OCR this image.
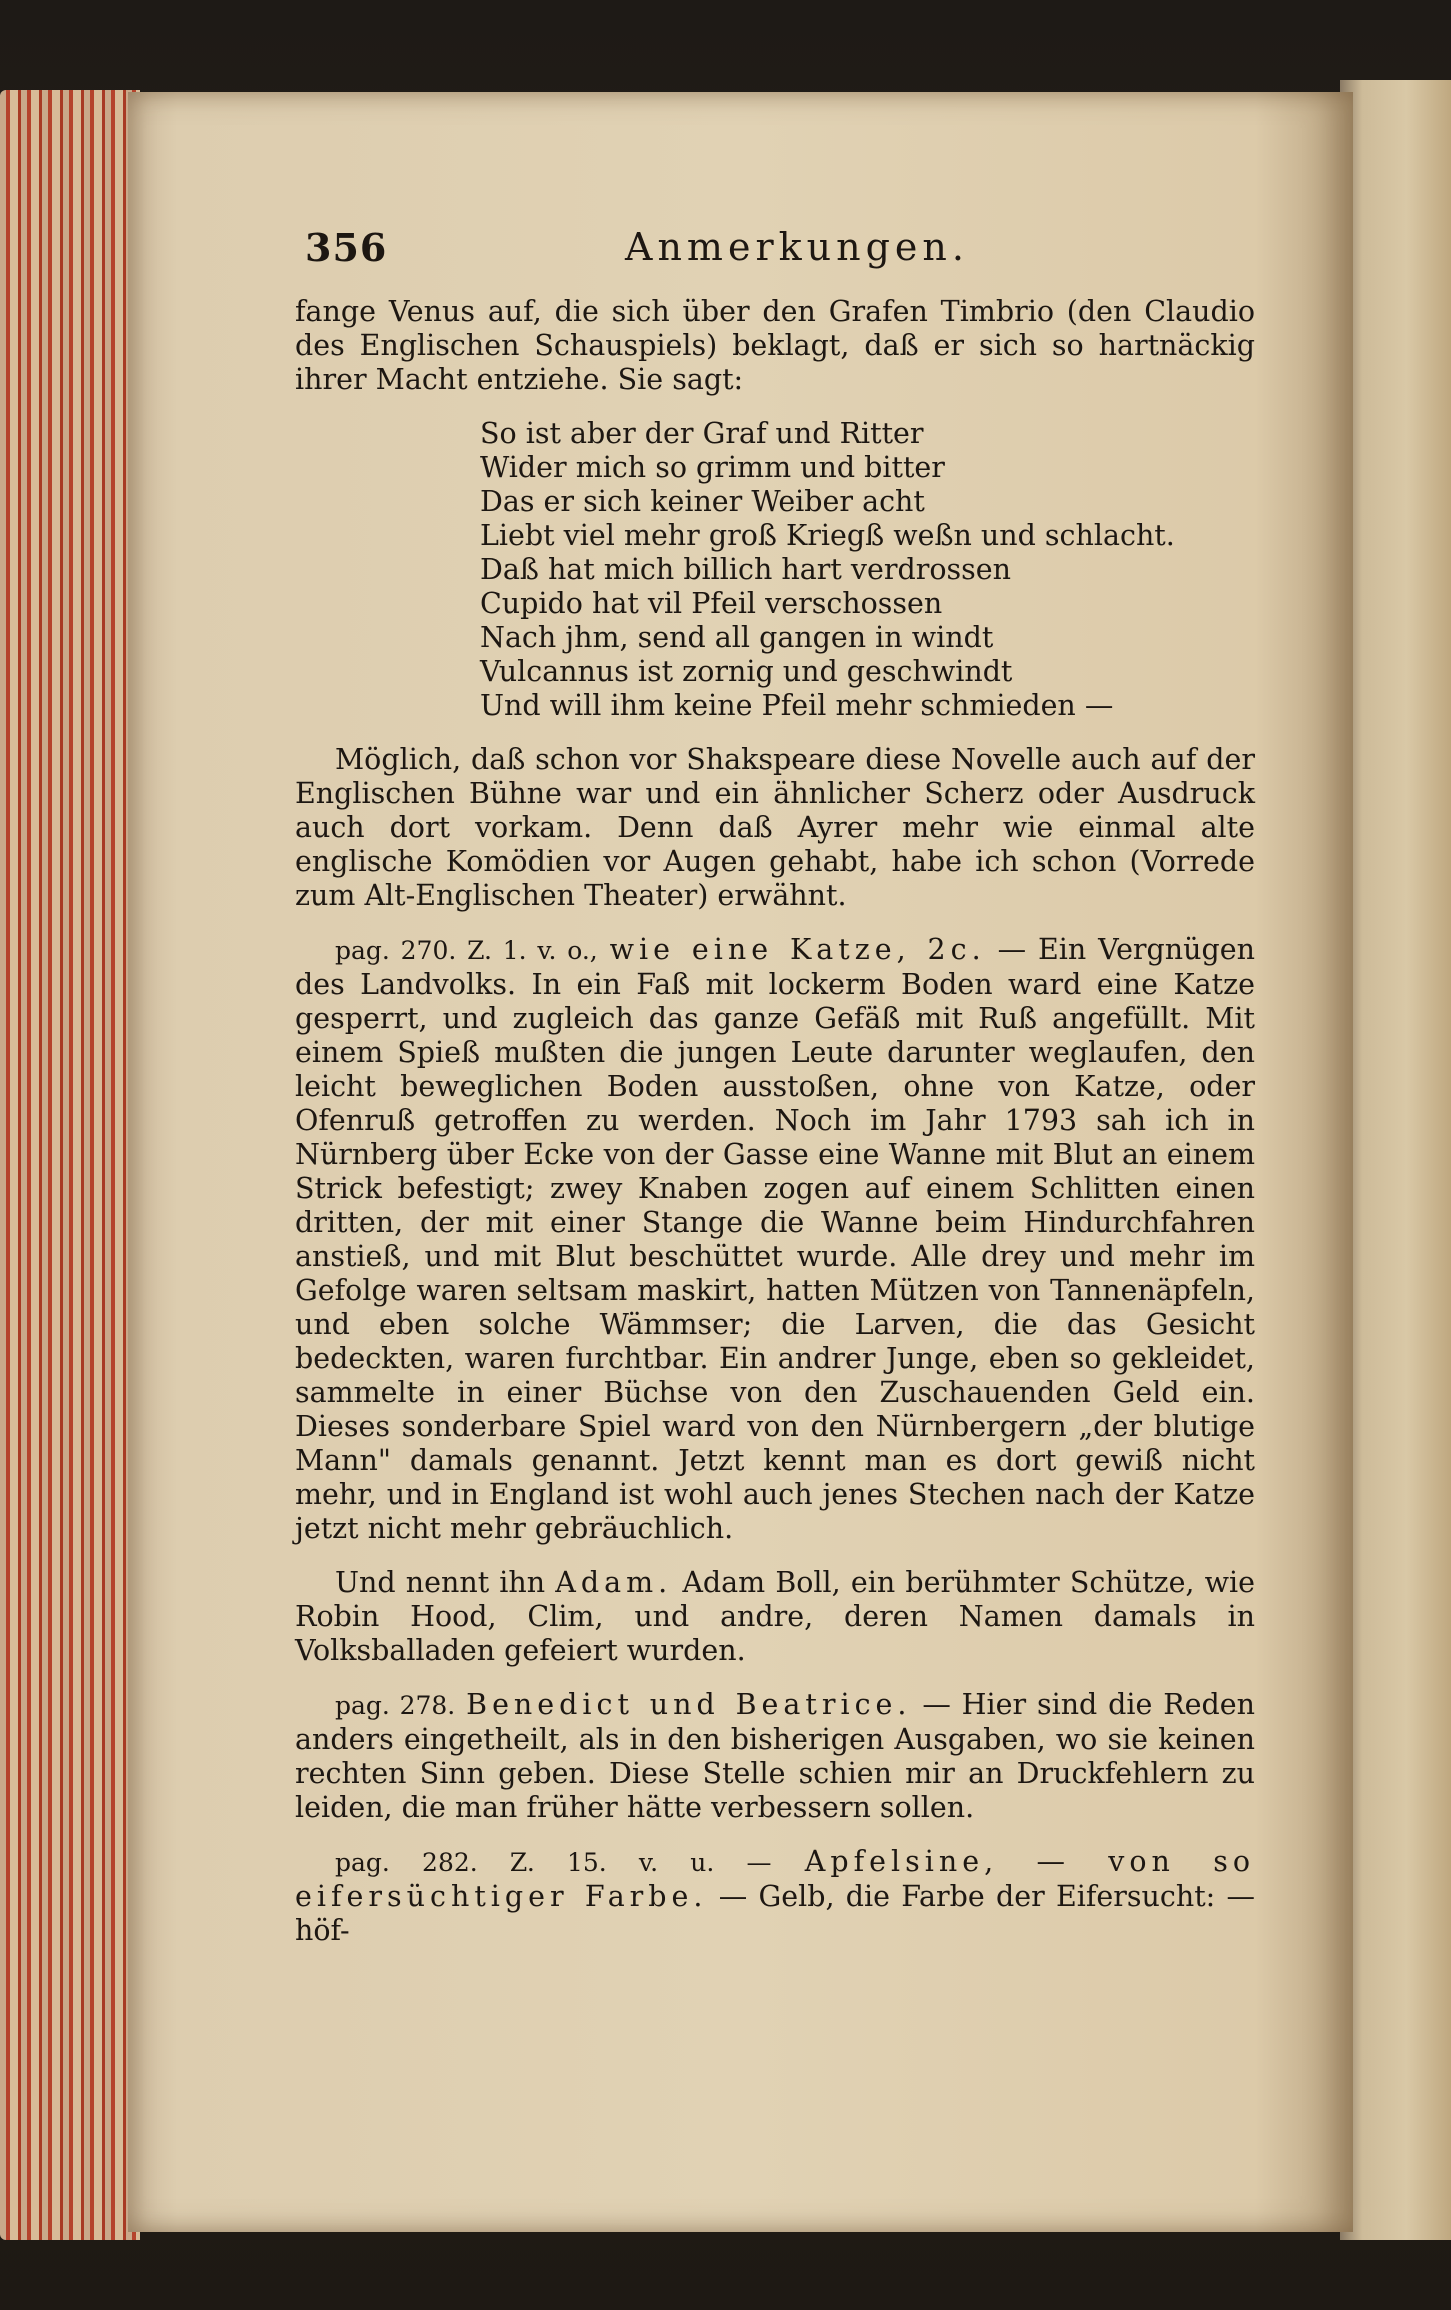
356	Anmerkungen.

fange Venus auf, die sich über den Grafen Timbrio (den Claudio des Englischen Schauspiels) beklagt, daß er sich so hartnäckig ihrer Macht entziehe. Sie sagt:

So ist aber der Graf und Ritter
Wider mich so grimm und bitter
Das er sich keiner Weiber acht
Liebt viel mehr groß Kriegß weßn und schlacht.
Daß hat mich billich hart verdrossen
Cupido hat vil Pfeil verschossen
Nach jhm, send all gangen in windt
Vulcannus ist zornig und geschwindt
Und will ihm keine Pfeil mehr schmieden —

Möglich, daß schon vor Shakspeare diese Novelle auch auf der Englischen Bühne war und ein ähnlicher Scherz oder Ausdruck auch dort vorkam. Denn daß Ayrer mehr wie einmal alte englische Komödien vor Augen gehabt, habe ich schon (Vorrede zum Alt-Englischen Theater) erwähnt.

pag. 270. Z. 1. v. o., wie eine Katze, 2c. — Ein Vergnügen des Landvolks. In ein Faß mit lockerm Boden ward eine Katze gesperrt, und zugleich das ganze Gefäß mit Ruß angefüllt. Mit einem Spieß mußten die jungen Leute darunter weglaufen, den leicht beweglichen Boden ausstoßen, ohne von Katze, oder Ofenruß getroffen zu werden. Noch im Jahr 1793 sah ich in Nürnberg über Ecke von der Gasse eine Wanne mit Blut an einem Strick befestigt; zwey Knaben zogen auf einem Schlitten einen dritten, der mit einer Stange die Wanne beim Hindurchfahren anstieß, und mit Blut beschüttet wurde. Alle drey und mehr im Gefolge waren seltsam maskirt, hatten Mützen von Tannenäpfeln, und eben solche Wämmser; die Larven, die das Gesicht bedeckten, waren furchtbar. Ein andrer Junge, eben so gekleidet, sammelte in einer Büchse von den Zuschauenden Geld ein. Dieses sonderbare Spiel ward von den Nürnbergern „der blutige Mann" damals genannt. Jetzt kennt man es dort gewiß nicht mehr, und in England ist wohl auch jenes Stechen nach der Katze jetzt nicht mehr gebräuchlich.

Und nennt ihn Adam. Adam Boll, ein berühmter Schütze, wie Robin Hood, Clim, und andre, deren Namen damals in Volksballaden gefeiert wurden.

pag. 278. Benedict und Beatrice. — Hier sind die Reden anders eingetheilt, als in den bisherigen Ausgaben, wo sie keinen rechten Sinn geben. Diese Stelle schien mir an Druckfehlern zu leiden, die man früher hätte verbessern sollen.

pag. 282. Z. 15. v. u. — Apfelsine, — von so eifersüchtiger Farbe. — Gelb, die Farbe der Eifersucht: — höf-
